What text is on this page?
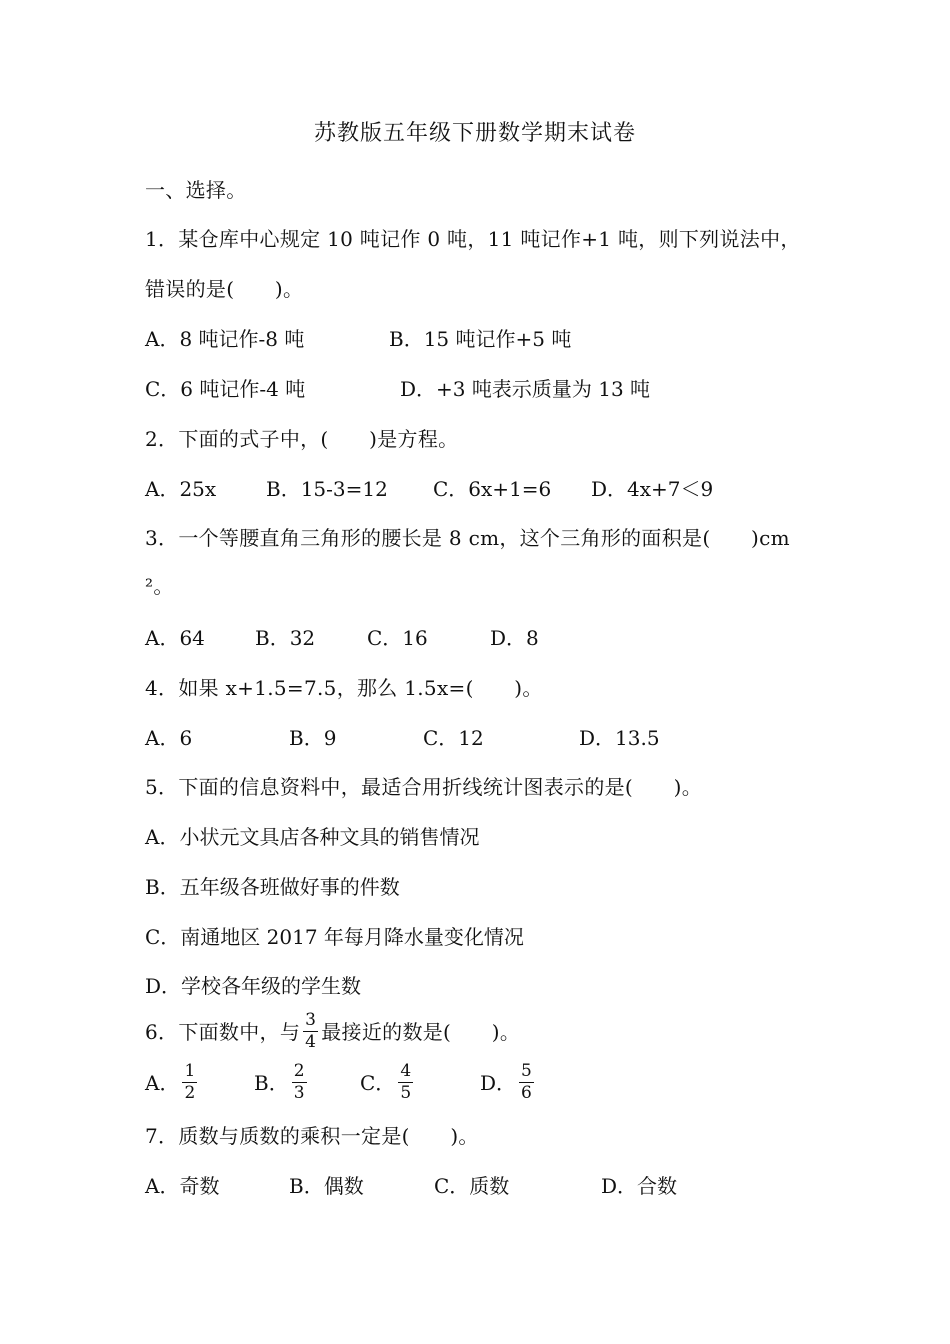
苏教版五年级下册数学期末试卷
一、选择。
1．某仓库中心规定 10 吨记作 0 吨，11 吨记作+1 吨，则下列说法中，
错误的是(　　)。
A．8 吨记作-8 吨	B．15 吨记作+5 吨
C．6 吨记作-4 吨	D．+3 吨表示质量为 13 吨
2．下面的式子中，(　　)是方程。
A．25x B．15-3=12 C．6x+1=6 D．4x+7＜9
3．一个等腰直角三角形的腰长是 8 cm，这个三角形的面积是(　　)cm
²。
A．64	B．32	C．16	D．8
4．如果 x+1.5=7.5，那么 1.5x=(　　)。
A．6	B．9	C．12	D．13.5
5．下面的信息资料中，最适合用折线统计图表示的是(　　)。
A．小状元文具店各种文具的销售情况
B．五年级各班做好事的件数
C．南通地区 2017 年每月降水量变化情况
D．学校各年级的学生数
6．下面数中，与 $\frac{3}{4}$ 最接近的数是(　　)。
A． $\frac{1}{2}$	B． $\frac{2}{3}$	C． $\frac{4}{5}$	D． $\frac{5}{6}$
7．质数与质数的乘积一定是(　　)。
A．奇数	B．偶数	C．质数	D．合数
